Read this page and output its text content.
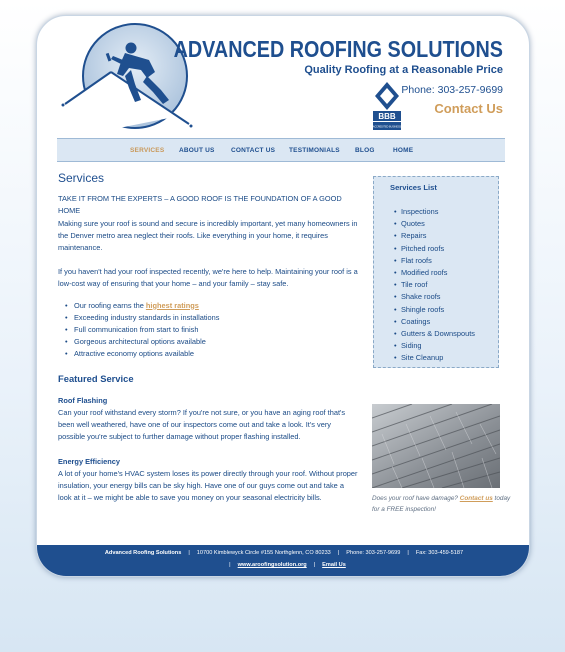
ADVANCED ROOFING SOLUTIONS
Quality Roofing at a Reasonable Price
BBB
ACCREDITED BUSINESS
Phone: 303-257-9699
Contact Us
SERVICES ABOUT US	CONTACT US TESTIMONIALS BLOG	HOME
Services
TAKE IT FROM THE EXPERTS – A GOOD ROOF IS THE FOUNDATION OF A GOOD HOME
Making sure your roof is sound and secure is incredibly important, yet many homeowners in the Denver metro area neglect their roofs. Like everything in your home, it requires maintenance.
If you haven't had your roof inspected recently, we're here to help. Maintaining your roof is a low-cost way of ensuring that your home – and your family – stay safe.
• Our roofing earns the highest ratings
• Exceeding industry standards in installations
• Full communication from start to finish
• Gorgeous architectural options available
• Attractive economy options available
Featured Service
Roof Flashing
Can your roof withstand every storm? If you're not sure, or you have an aging roof that's been well weathered, have one of our inspectors come out and take a look. It's very possible you're subject to further damage without proper flashing installed.
Energy Efficiency
A lot of your home's HVAC system loses its power directly through your roof. Without proper insulation, your energy bills can be sky high. Have one of our guys come out and take a look at it – we might be able to save you money on your seasonal electricity bills.
Services List
• Inspections
• Quotes
• Repairs
• Pitched roofs
• Flat roofs
• Modified roofs
• Tile roof
• Shake roofs
• Shingle roofs
• Coatings
• Gutters & Downspouts
• Siding
• Site Cleanup
Does your roof have damage? Contact us today for a FREE inspection!
Advanced Roofing Solutions | 10700 Kimblewyck Circle #155 Northglenn, CO 80233 | Phone: 303-257-9699 | Fax: 303-459-5187
| www.aroofingsolution.org | Email Us
